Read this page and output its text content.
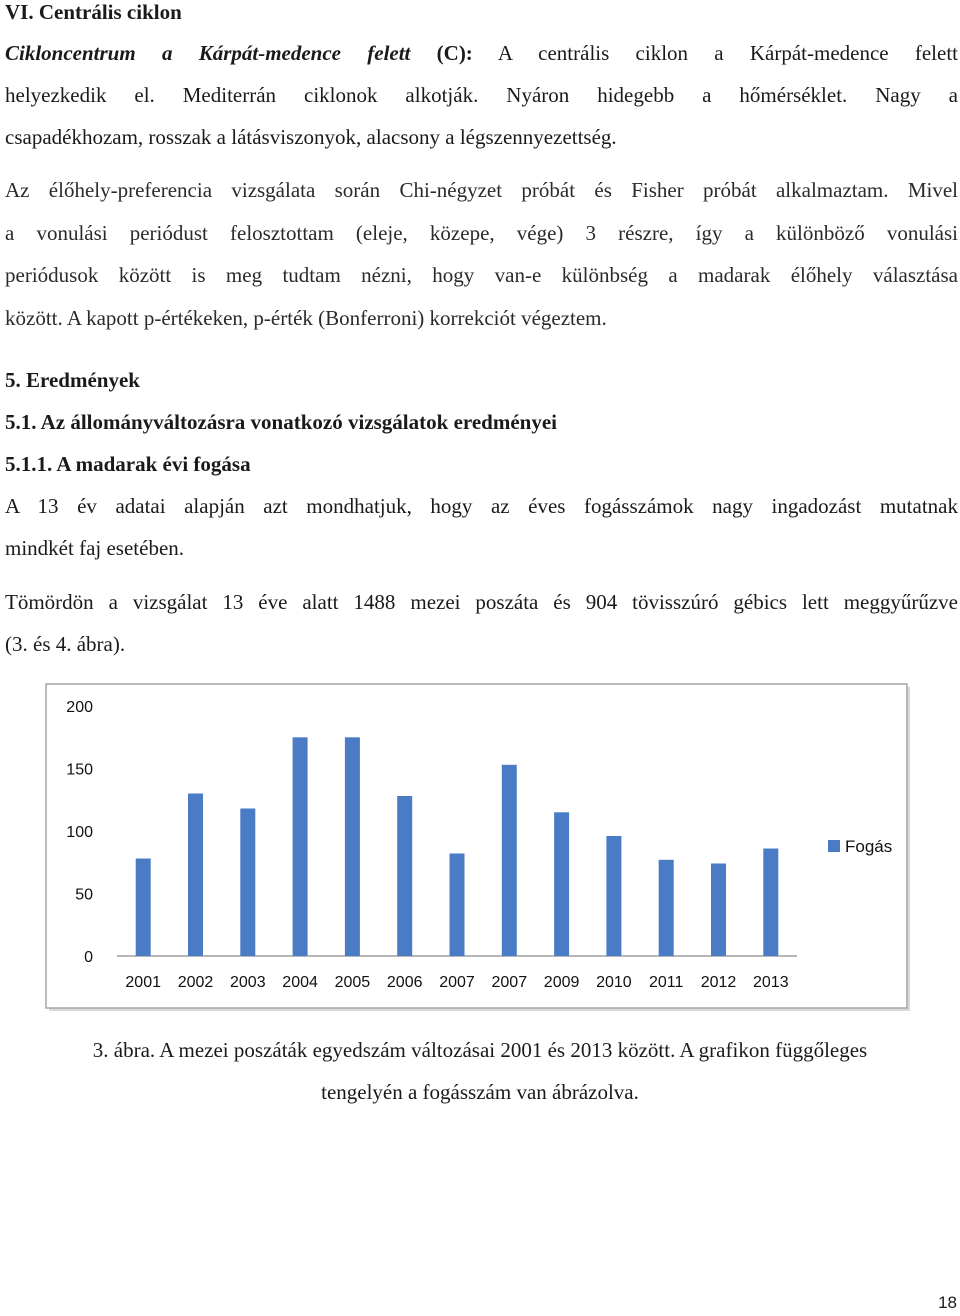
VI. Centrális ciklon
Cikloncentrum a Kárpát-medence felett (C): A centrális ciklon a Kárpát-medence felett
helyezkedik el. Mediterrán ciklonok alkotják. Nyáron hidegebb a hőmérséklet. Nagy a
csapadékhozam, rosszak a látásviszonyok, alacsony a légszennyezettség.
Az élőhely-preferencia vizsgálata során Chi-négyzet próbát és Fisher próbát alkalmaztam. Mivel
a vonulási periódust felosztottam (eleje, közepe, vége) 3 részre, így a különböző vonulási
periódusok között is meg tudtam nézni, hogy van-e különbség a madarak élőhely választása
között. A kapott p-értékeken, p-érték (Bonferroni) korrekciót végeztem.
5. Eredmények
5.1. Az állományváltozásra vonatkozó vizsgálatok eredményei
5.1.1. A madarak évi fogása
A 13 év adatai alapján azt mondhatjuk, hogy az éves fogásszámok nagy ingadozást mutatnak
mindkét faj esetében.
Tömördön a vizsgálat 13 éve alatt 1488 mezei poszáta és 904 tövisszúró gébics lett meggyűrűzve
(3. és 4. ábra).
0
50
100
150
200
2001 2002 2003 2004 2005 2006 2007 2007 2009 2010 2011 2012 2013
Fogás
3. ábra. A mezei poszáták egyedszám változásai 2001 és 2013 között. A grafikon függőleges
tengelyén a fogásszám van ábrázolva.
18
